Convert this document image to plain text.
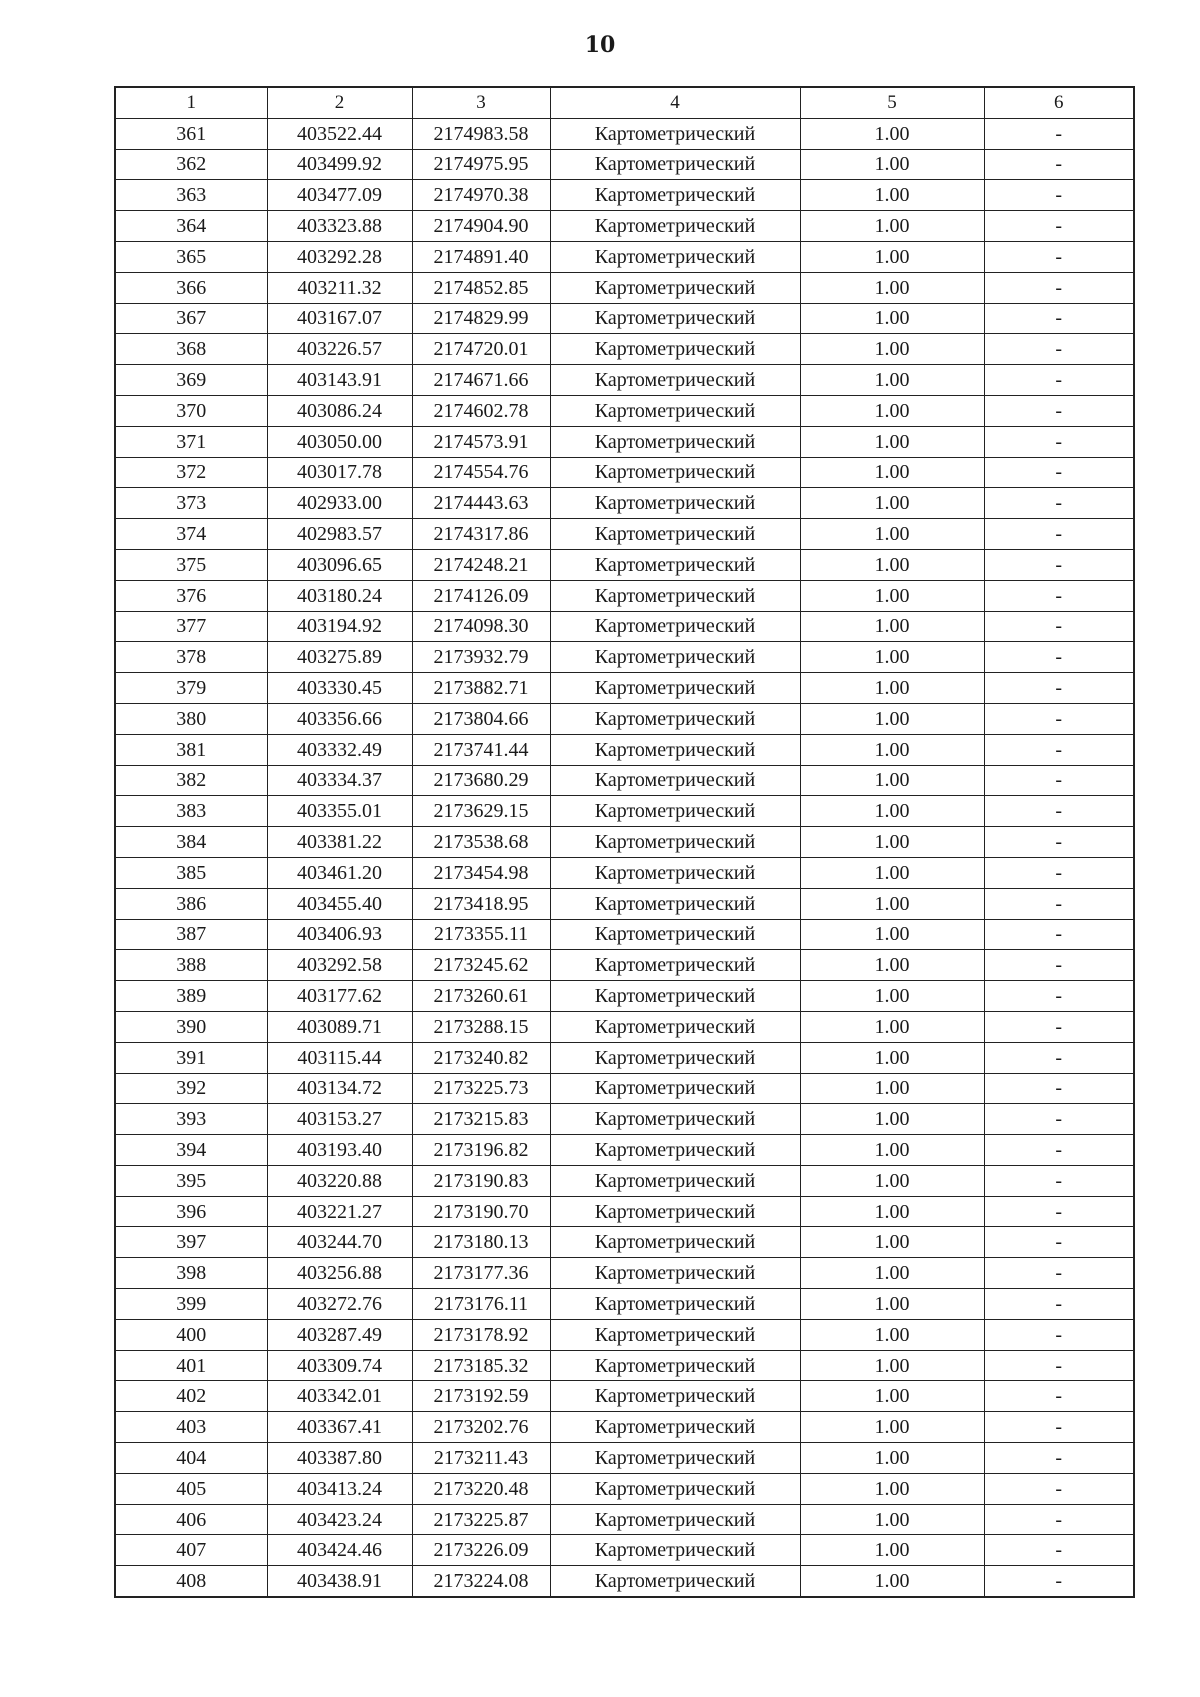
10
1	2	3	4	5	6
361	403522.44	2174983.58	Картометрический	1.00	-
362	403499.92	2174975.95	Картометрический	1.00	-
363	403477.09	2174970.38	Картометрический	1.00	-
364	403323.88	2174904.90	Картометрический	1.00	-
365	403292.28	2174891.40	Картометрический	1.00	-
366	403211.32	2174852.85	Картометрический	1.00	-
367	403167.07	2174829.99	Картометрический	1.00	-
368	403226.57	2174720.01	Картометрический	1.00	-
369	403143.91	2174671.66	Картометрический	1.00	-
370	403086.24	2174602.78	Картометрический	1.00	-
371	403050.00	2174573.91	Картометрический	1.00	-
372	403017.78	2174554.76	Картометрический	1.00	-
373	402933.00	2174443.63	Картометрический	1.00	-
374	402983.57	2174317.86	Картометрический	1.00	-
375	403096.65	2174248.21	Картометрический	1.00	-
376	403180.24	2174126.09	Картометрический	1.00	-
377	403194.92	2174098.30	Картометрический	1.00	-
378	403275.89	2173932.79	Картометрический	1.00	-
379	403330.45	2173882.71	Картометрический	1.00	-
380	403356.66	2173804.66	Картометрический	1.00	-
381	403332.49	2173741.44	Картометрический	1.00	-
382	403334.37	2173680.29	Картометрический	1.00	-
383	403355.01	2173629.15	Картометрический	1.00	-
384	403381.22	2173538.68	Картометрический	1.00	-
385	403461.20	2173454.98	Картометрический	1.00	-
386	403455.40	2173418.95	Картометрический	1.00	-
387	403406.93	2173355.11	Картометрический	1.00	-
388	403292.58	2173245.62	Картометрический	1.00	-
389	403177.62	2173260.61	Картометрический	1.00	-
390	403089.71	2173288.15	Картометрический	1.00	-
391	403115.44	2173240.82	Картометрический	1.00	-
392	403134.72	2173225.73	Картометрический	1.00	-
393	403153.27	2173215.83	Картометрический	1.00	-
394	403193.40	2173196.82	Картометрический	1.00	-
395	403220.88	2173190.83	Картометрический	1.00	-
396	403221.27	2173190.70	Картометрический	1.00	-
397	403244.70	2173180.13	Картометрический	1.00	-
398	403256.88	2173177.36	Картометрический	1.00	-
399	403272.76	2173176.11	Картометрический	1.00	-
400	403287.49	2173178.92	Картометрический	1.00	-
401	403309.74	2173185.32	Картометрический	1.00	-
402	403342.01	2173192.59	Картометрический	1.00	-
403	403367.41	2173202.76	Картометрический	1.00	-
404	403387.80	2173211.43	Картометрический	1.00	-
405	403413.24	2173220.48	Картометрический	1.00	-
406	403423.24	2173225.87	Картометрический	1.00	-
407	403424.46	2173226.09	Картометрический	1.00	-
408	403438.91	2173224.08	Картометрический	1.00	-
